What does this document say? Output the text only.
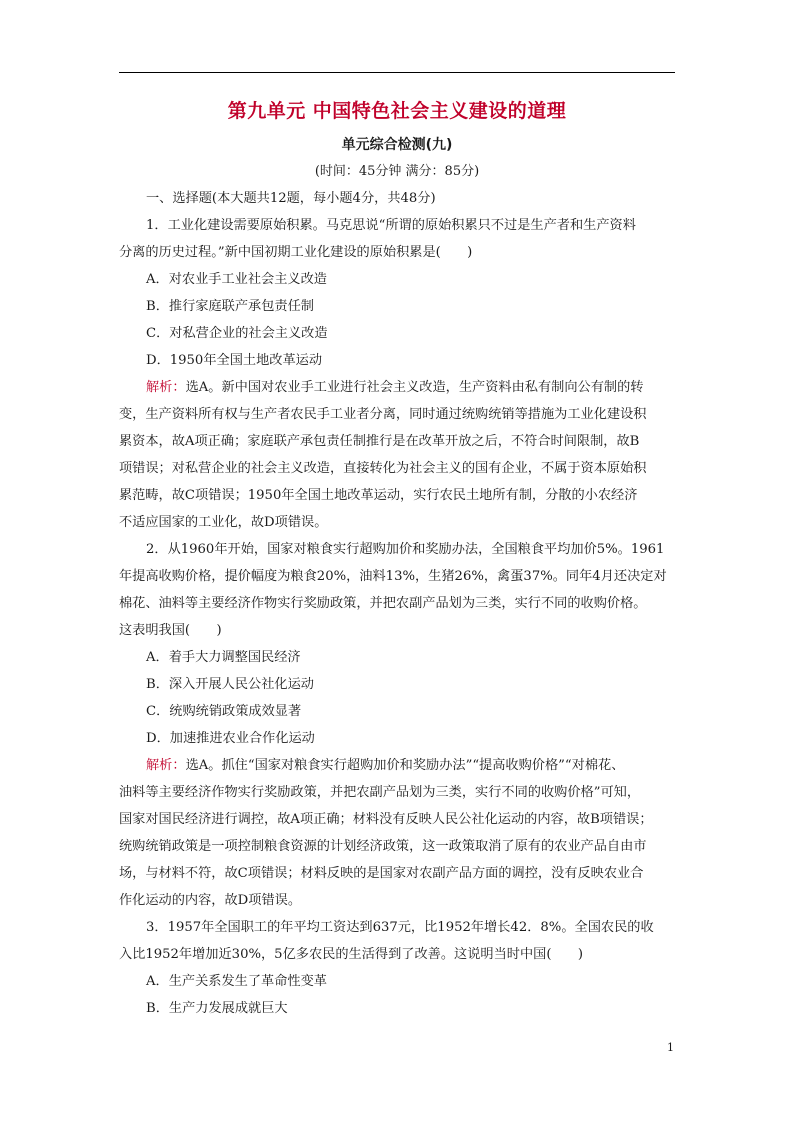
第九单元 中国特色社会主义建设的道理
单元综合检测(九)
(时间：45分钟 满分：85分)
一、选择题(本大题共12题，每小题4分，共48分)
1．工业化建设需要原始积累。马克思说“所谓的原始积累只不过是生产者和生产资料
分离的历史过程。”新中国初期工业化建设的原始积累是(　　)
A．对农业手工业社会主义改造
B．推行家庭联产承包责任制
C．对私营企业的社会主义改造
D．1950年全国土地改革运动
解析：选A。新中国对农业手工业进行社会主义改造，生产资料由私有制向公有制的转
变，生产资料所有权与生产者农民手工业者分离，同时通过统购统销等措施为工业化建设积
累资本，故A项正确；家庭联产承包责任制推行是在改革开放之后，不符合时间限制，故B
项错误；对私营企业的社会主义改造，直接转化为社会主义的国有企业，不属于资本原始积
累范畴，故C项错误；1950年全国土地改革运动，实行农民土地所有制，分散的小农经济
不适应国家的工业化，故D项错误。
2．从1960年开始，国家对粮食实行超购加价和奖励办法，全国粮食平均加价5%。1961
年提高收购价格，提价幅度为粮食20%，油料13%，生猪26%，禽蛋37%。同年4月还决定对
棉花、油料等主要经济作物实行奖励政策，并把农副产品划为三类，实行不同的收购价格。
这表明我国(　　)
A．着手大力调整国民经济
B．深入开展人民公社化运动
C．统购统销政策成效显著
D．加速推进农业合作化运动
解析：选A。抓住“国家对粮食实行超购加价和奖励办法”“提高收购价格”“对棉花、
油料等主要经济作物实行奖励政策，并把农副产品划为三类，实行不同的收购价格”可知，
国家对国民经济进行调控，故A项正确；材料没有反映人民公社化运动的内容，故B项错误；
统购统销政策是一项控制粮食资源的计划经济政策，这一政策取消了原有的农业产品自由市
场，与材料不符，故C项错误；材料反映的是国家对农副产品方面的调控，没有反映农业合
作化运动的内容，故D项错误。
3．1957年全国职工的年平均工资达到637元，比1952年增长42．8%。全国农民的收
入比1952年增加近30%，5亿多农民的生活得到了改善。这说明当时中国(　　)
A．生产关系发生了革命性变革
B．生产力发展成就巨大
1
